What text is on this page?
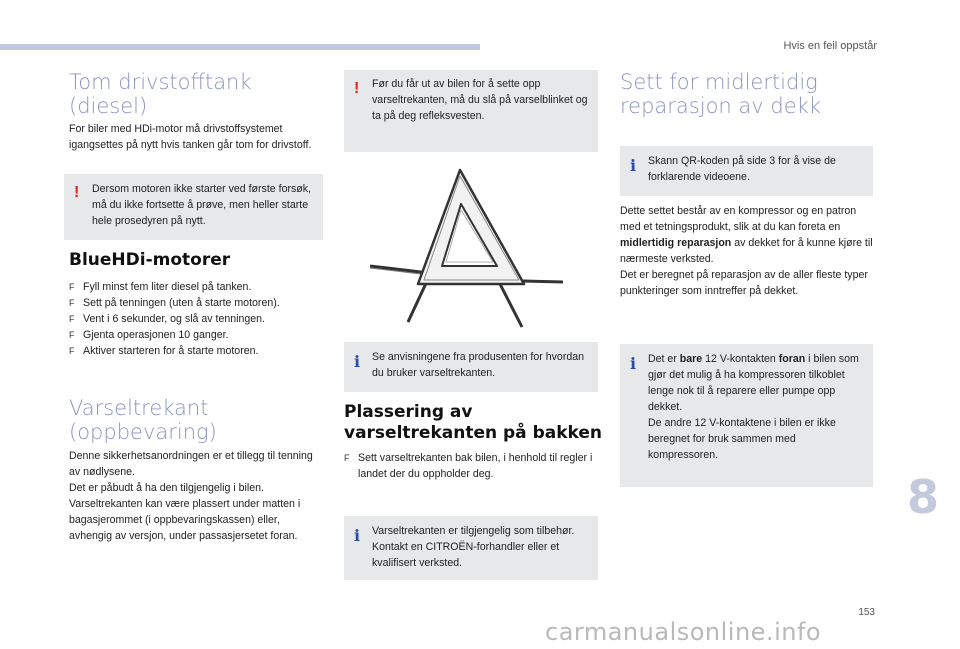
Hvis en feil oppstår
Tom drivstofftank
(diesel)

For biler med HDi-motor må drivstoffsystemet igangsettes på nytt hvis tanken går tom for drivstoff.

!	Dersom motoren ikke starter ved første forsøk, må du ikke fortsette å prøve, men heller starte hele prosedyren på nytt.

BlueHDi-motorer
F Fyll minst fem liter diesel på tanken.
F Sett på tenningen (uten å starte motoren).
F Vent i 6 sekunder, og slå av tenningen.
F Gjenta operasjonen 10 ganger.
F Aktiver starteren for å starte motoren.
Varseltrekant
(oppbevaring)

Denne sikkerhetsanordningen er et tillegg til tenning av nødlysene.
Det er påbudt å ha den tilgjengelig i bilen.
Varseltrekanten kan være plassert under matten i bagasjerommet (i oppbevaringskassen) eller, avhengig av versjon, under passasjersetet foran.

!	Før du får ut av bilen for å sette opp varseltrekanten, må du slå på varselblinket og ta på deg refleksvesten.

i	Se anvisningene fra produsenten for hvordan du bruker varseltrekanten.

Plassering av
varseltrekanten på bakken
F Sett varseltrekanten bak bilen, i henhold til regler i landet der du oppholder deg.
i	Varseltrekanten er tilgjengelig som tilbehør. Kontakt en CITROËN-forhandler eller et kvalifisert verksted.

Sett for midlertidig
reparasjon av dekk
i	Skann QR-koden på side 3 for å vise de forklarende videoene.

Dette settet består av en kompressor og en patron med et tetningsprodukt, slik at du kan foreta en midlertidig reparasjon av dekket for å kunne kjøre til nærmeste verksted.
Det er beregnet på reparasjon av de aller fleste typer punkteringer som inntreffer på dekket.

i	Det er bare 12 V-kontakten foran i bilen som gjør det mulig å ha kompressoren tilkoblet lenge nok til å reparere eller pumpe opp dekket.
De andre 12 V-kontaktene i bilen er ikke beregnet for bruk sammen med kompressoren.

8
153
carmanualsonline.info
